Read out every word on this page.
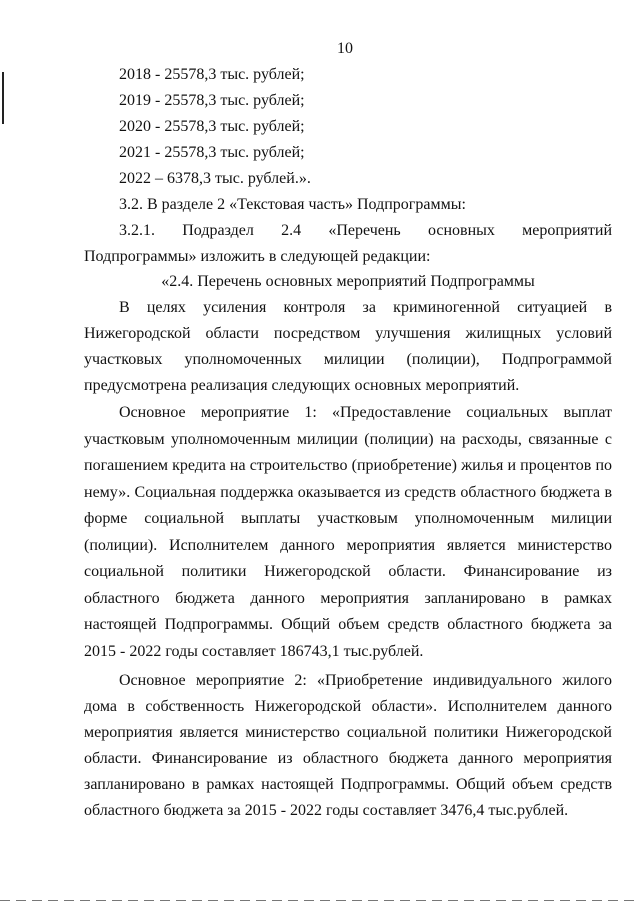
10
2018 - 25578,3 тыс. рублей;
2019 - 25578,3 тыс. рублей;
2020 - 25578,3 тыс. рублей;
2021 - 25578,3 тыс. рублей;
2022 – 6378,3 тыс. рублей.».
3.2. В разделе 2 «Текстовая часть» Подпрограммы:
3.2.1. Подраздел 2.4 «Перечень основных мероприятий Подпрограммы» изложить в следующей редакции:
«2.4. Перечень основных мероприятий Подпрограммы
В целях усиления контроля за криминогенной ситуацией в Нижегородской области посредством улучшения жилищных условий участковых уполномоченных милиции (полиции), Подпрограммой предусмотрена реализация следующих основных мероприятий.
Основное мероприятие 1: «Предоставление социальных выплат участковым уполномоченным милиции (полиции) на расходы, связанные с погашением кредита на строительство (приобретение) жилья и процентов по нему». Социальная поддержка оказывается из средств областного бюджета в форме социальной выплаты участковым уполномоченным милиции (полиции). Исполнителем данного мероприятия является министерство социальной политики Нижегородской области. Финансирование из областного бюджета данного мероприятия запланировано в рамках настоящей Подпрограммы. Общий объем средств областного бюджета за 2015 - 2022 годы составляет 186743,1 тыс.рублей.
Основное мероприятие 2: «Приобретение индивидуального жилого дома в собственность Нижегородской области». Исполнителем данного мероприятия является министерство социальной политики Нижегородской области. Финансирование из областного бюджета данного мероприятия запланировано в рамках настоящей Подпрограммы. Общий объем средств областного бюджета за 2015 - 2022 годы составляет 3476,4 тыс.рублей.
